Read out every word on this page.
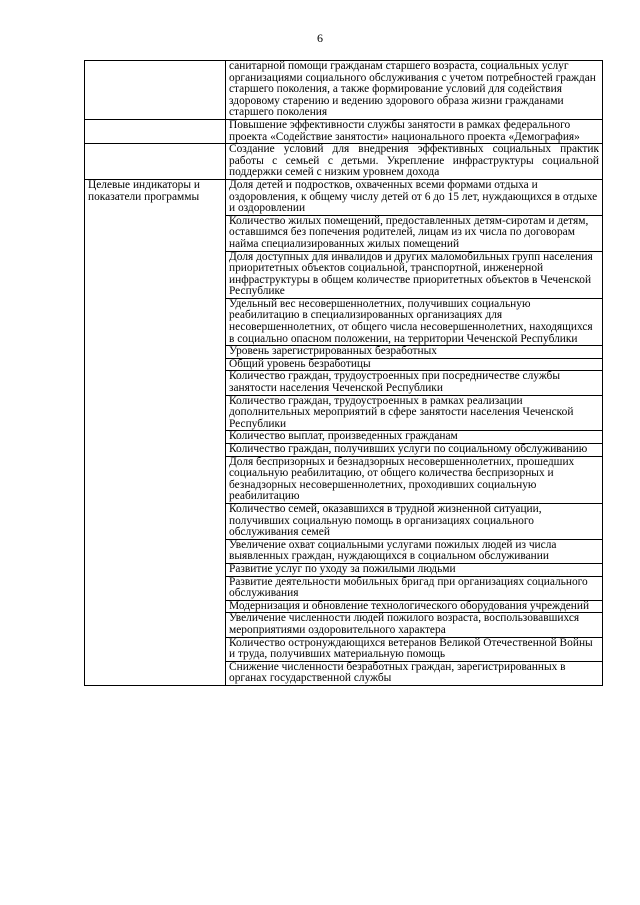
6
	санитарной помощи гражданам старшего возраста, социальных услуг организациями социального обслуживания с учетом потребностей граждан старшего поколения, а также формирование условий для содействия здоровому старению и ведению здорового образа жизни гражданами старшего поколения
	Повышение эффективности службы занятости в рамках федерального проекта «Содействие занятости» национального проекта «Демография»
	Создание условий для внедрения эффективных социальных практик работы с семьей с детьми. Укрепление инфраструктуры социальной поддержки семей с низким уровнем дохода
Целевые индикаторы и показатели программы	Доля детей и подростков, охваченных всеми формами отдыха и оздоровления, к общему числу детей от 6 до 15 лет, нуждающихся в отдыхе и оздоровлении
	Количество жилых помещений, предоставленных детям-сиротам и детям, оставшимся без попечения родителей, лицам из их числа по договорам найма специализированных жилых помещений
	Доля доступных для инвалидов и других маломобильных групп населения приоритетных объектов социальной, транспортной, инженерной инфраструктуры в общем количестве приоритетных объектов в Чеченской Республике
	Удельный вес несовершеннолетних, получивших социальную реабилитацию в специализированных организациях для несовершеннолетних, от общего числа несовершеннолетних, находящихся в социально опасном положении, на территории Чеченской Республики
	Уровень зарегистрированных безработных
	Общий уровень безработицы
	Количество граждан, трудоустроенных при посредничестве службы занятости населения Чеченской Республики
	Количество граждан, трудоустроенных в рамках реализации дополнительных мероприятий в сфере занятости населения Чеченской Республики
	Количество выплат, произведенных гражданам
	Количество граждан, получивших услуги по социальному обслуживанию
	Доля беспризорных и безнадзорных несовершеннолетних, прошедших социальную реабилитацию, от общего количества беспризорных и безнадзорных несовершеннолетних, проходивших социальную реабилитацию
	Количество семей, оказавшихся в трудной жизненной ситуации, получивших социальную помощь в организациях социального обслуживания семей
	Увеличение охват социальными услугами пожилых людей из числа выявленных граждан, нуждающихся в социальном обслуживании
	Развитие услуг по уходу за пожилыми людьми
	Развитие деятельности мобильных бригад при организациях социального обслуживания
	Модернизация и обновление технологического оборудования учреждений
	Увеличение численности людей пожилого возраста, воспользовавшихся мероприятиями оздоровительного характера
	Количество остронуждающихся ветеранов Великой Отечественной Войны и труда, получивших материальную помощь
	Снижение численности безработных граждан, зарегистрированных в органах государственной службы
